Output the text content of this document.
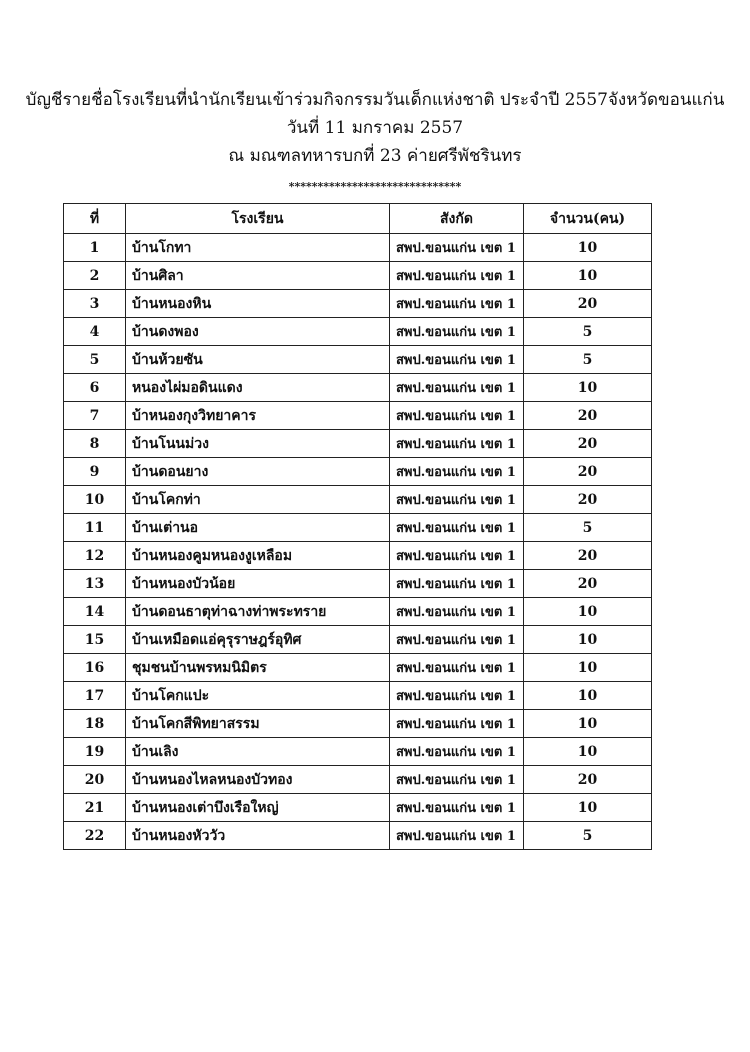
บัญชีรายชื่อโรงเรียนที่นำนักเรียนเข้าร่วมกิจกรรมวันเด็กแห่งชาติ ประจำปี 2557จังหวัดขอนแก่น
วันที่ 11 มกราคม 2557
ณ มณฑลทหารบกที่ 23 ค่ายศรีพัชรินทร
******************************
ที่	โรงเรียน	สังกัด	จำนวน(คน)
1	บ้านโกทา	สพป.ขอนแก่น เขต 1	10
2	บ้านศิลา	สพป.ขอนแก่น เขต 1	10
3	บ้านหนองหิน	สพป.ขอนแก่น เขต 1	20
4	บ้านดงพอง	สพป.ขอนแก่น เขต 1	5
5	บ้านห้วยซัน	สพป.ขอนแก่น เขต 1	5
6	หนองไผ่มอดินแดง	สพป.ขอนแก่น เขต 1	10
7	บ้าหนองกุงวิทยาคาร	สพป.ขอนแก่น เขต 1	20
8	บ้านโนนม่วง	สพป.ขอนแก่น เขต 1	20
9	บ้านดอนยาง	สพป.ขอนแก่น เขต 1	20
10	บ้านโคกท่า	สพป.ขอนแก่น เขต 1	20
11	บ้านเต่านอ	สพป.ขอนแก่น เขต 1	5
12	บ้านหนองคูมหนองงูเหลือม	สพป.ขอนแก่น เขต 1	20
13	บ้านหนองบัวน้อย	สพป.ขอนแก่น เขต 1	20
14	บ้านดอนธาตุท่าฉางท่าพระทราย	สพป.ขอนแก่น เขต 1	10
15	บ้านเหมือดแอ่คุรุราษฎร์อุทิศ	สพป.ขอนแก่น เขต 1	10
16	ชุมชนบ้านพรหมนิมิตร	สพป.ขอนแก่น เขต 1	10
17	บ้านโคกแปะ	สพป.ขอนแก่น เขต 1	10
18	บ้านโคกสีพิทยาสรรม	สพป.ขอนแก่น เขต 1	10
19	บ้านเลิง	สพป.ขอนแก่น เขต 1	10
20	บ้านหนองไหลหนองบัวทอง	สพป.ขอนแก่น เขต 1	20
21	บ้านหนองเต่าบึงเรือใหญ่	สพป.ขอนแก่น เขต 1	10
22	บ้านหนองหัววัว	สพป.ขอนแก่น เขต 1	5
